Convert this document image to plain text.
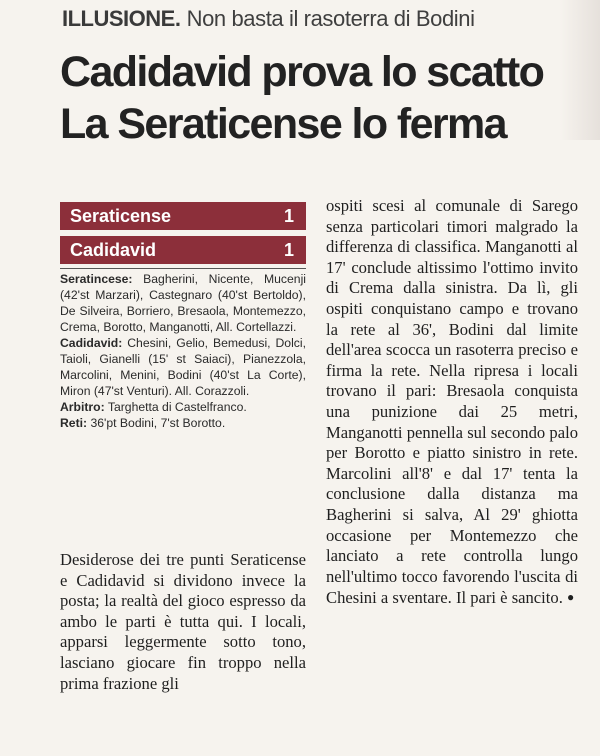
ILLUSIONE. Non basta il rasoterra di Bodini
Cadidavid prova lo scatto
La Seraticense lo ferma
Seraticense	1
Cadidavid	1

Seratincese: Bagherini, Nicente, Mucenji (42'st Marzari), Castegnaro (40'st Bertoldo), De Silveira, Borriero, Bresaola, Montemezzo, Crema, Borotto, Manganotti, All. Cortellazzi.

Cadidavid: Chesini, Gelio, Bemedusi, Dolci, Taioli, Gianelli (15' st Saiaci), Pianezzola, Marcolini, Menini, Bodini (40'st La Corte), Miron (47'st Venturi). All. Corazzoli.

Arbitro: Targhetta di Castelfranco.

Reti: 36'pt Bodini, 7'st Borotto.

Desiderose dei tre punti Seraticense e Cadidavid si dividono invece la posta; la realtà del gioco espresso da ambo le parti è tutta qui. I locali, apparsi leggermente sotto tono, lasciano giocare fin troppo nella prima frazione gli

ospiti scesi al comunale di Sarego senza particolari timori malgrado la differenza di classifica. Manganotti al 17' conclude altissimo l'ottimo invito di Crema dalla sinistra. Da lì, gli ospiti conquistano campo e trovano la rete al 36', Bodini dal limite dell'area scocca un rasoterra preciso e firma la rete. Nella ripresa i locali trovano il pari: Bresaola conquista una punizione dai 25 metri, Manganotti pennella sul secondo palo per Borotto e piatto sinistro in rete. Marcolini all'8' e dal 17' tenta la conclusione dalla distanza ma Bagherini si salva, Al 29' ghiotta occasione per Montemezzo che lanciato a rete controlla lungo nell'ultimo tocco favorendo l'uscita di Chesini a sventare. Il pari è sancito. ●
